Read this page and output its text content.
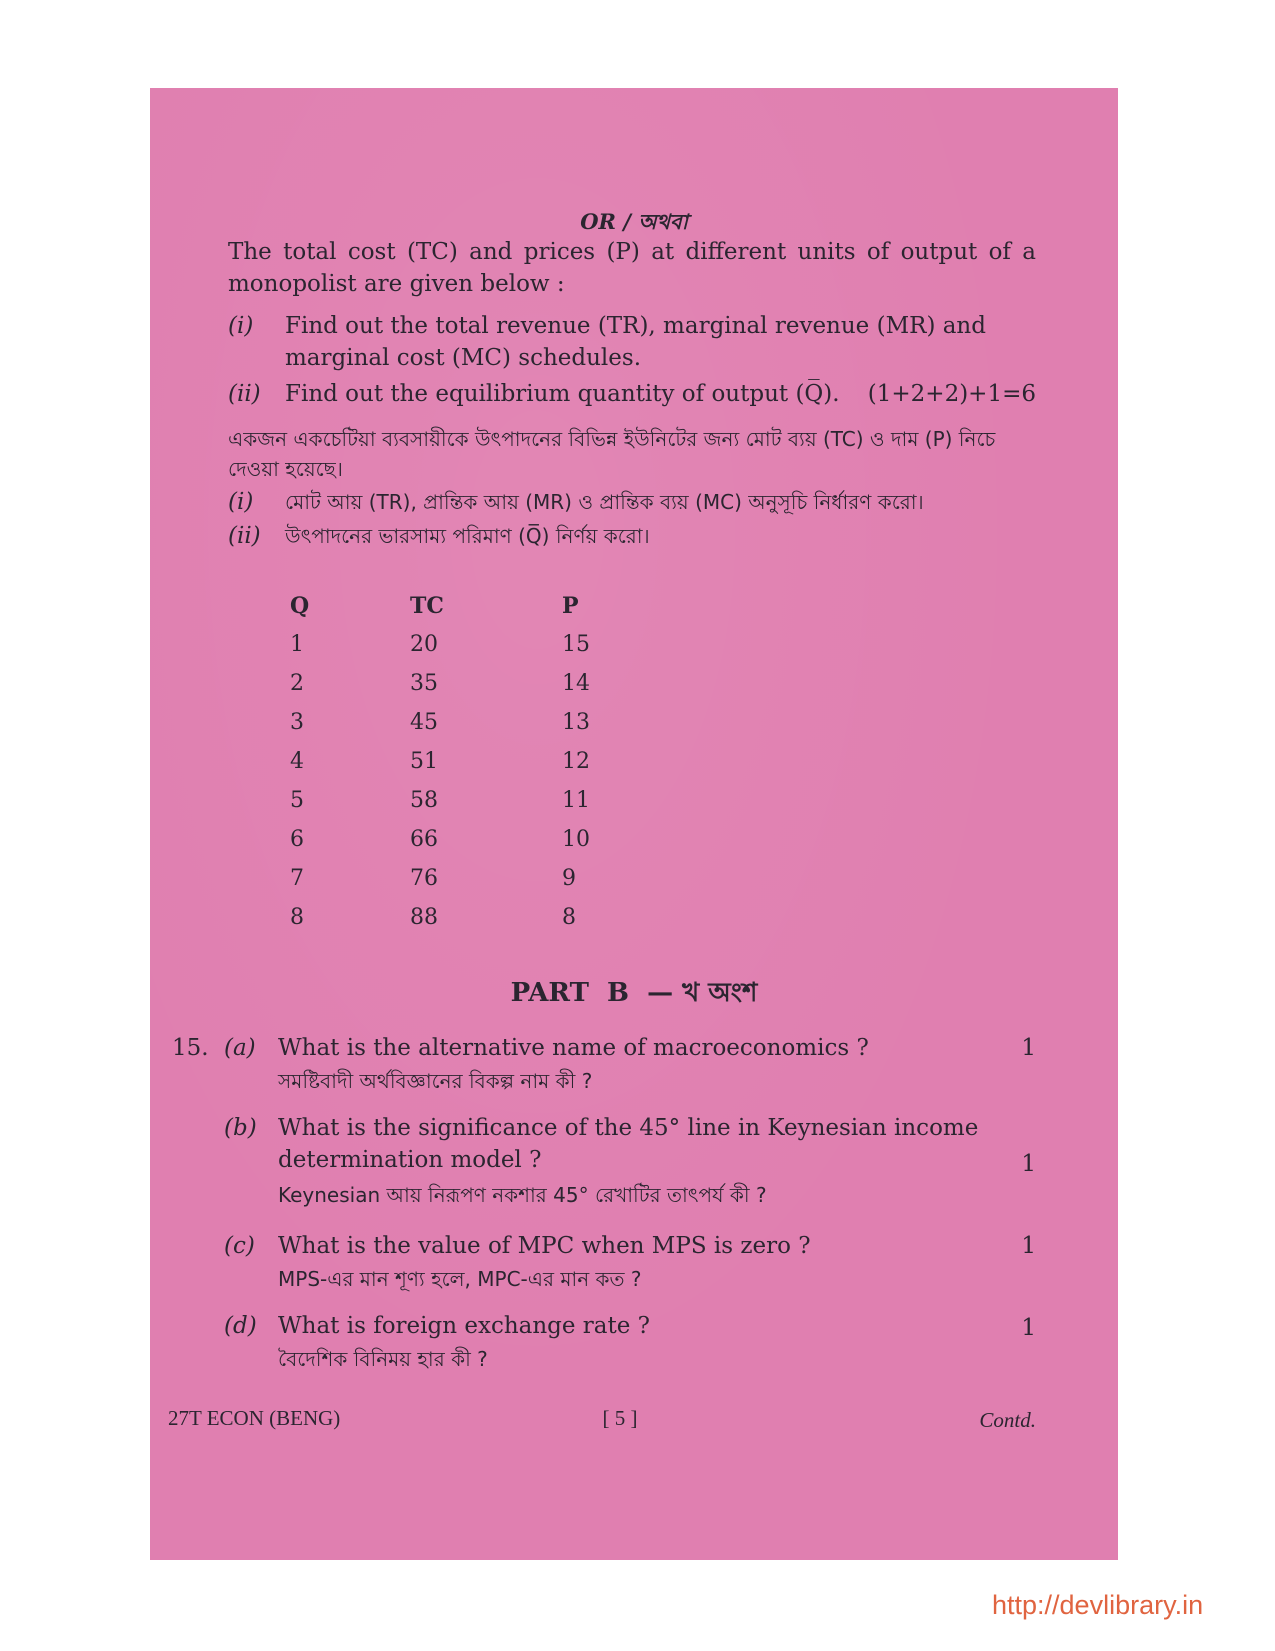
OR / অথবা
The total cost (TC) and prices (P) at different units of output of a monopolist are given below :
(i) Find out the total revenue (TR), marginal revenue (MR) and marginal cost (MC) schedules.
(ii) Find out the equilibrium quantity of output (Q̅).	(1+2+2)+1=6
একজন একচেটিয়া ব্যবসায়ীকে উৎপাদনের বিভিন্ন ইউনিটের জন্য মোট ব্যয় (TC) ও দাম (P) নিচে দেওয়া হয়েছে।
(i) মোট আয় (TR), প্রান্তিক আয় (MR) ও প্রান্তিক ব্যয় (MC) অনুসূচি নির্ধারণ করো।
(ii) উৎপাদনের ভারসাম্য পরিমাণ (Q̅) নির্ণয় করো।
Q	TC	P
1	20	15
2	35	14
3	45	13
4	51	12
5	58	11
6	66	10
7	76	9
8	88	8
PART  B  — খ অংশ
15. (a) What is the alternative name of macroeconomics ?	1
সমষ্টিবাদী অর্থবিজ্ঞানের বিকল্প নাম কী ?
(b) What is the significance of the 45° line in Keynesian income
determination model ?	1
Keynesian আয় নিরূপণ নকশার 45° রেখাটির তাৎপর্য কী ?
(c) What is the value of MPC when MPS is zero ?	1
MPS-এর মান শূণ্য হলে, MPC-এর মান কত ?
(d) What is foreign exchange rate ?	1
বৈদেশিক বিনিময় হার কী ?
27T ECON (BENG)	[ 5 ]	Contd.
http://devlibrary.in
